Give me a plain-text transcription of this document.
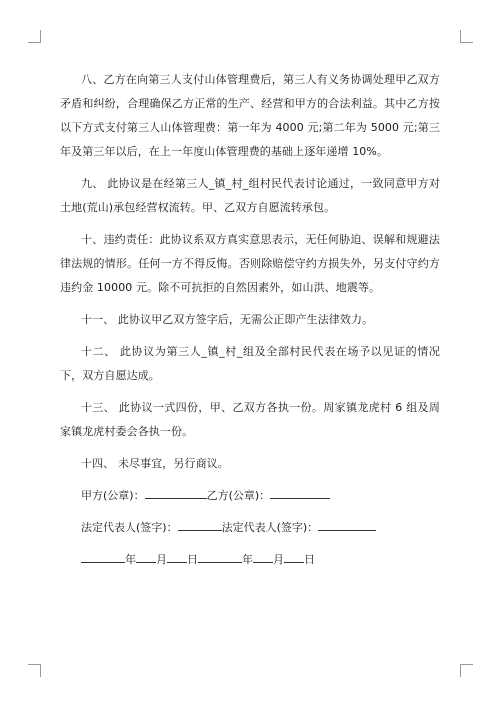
八、乙方在向第三人支付山体管理费后，第三人有义务协调处理甲乙双方矛盾和纠纷，合理确保乙方正常的生产、经营和甲方的合法利益。其中乙方按以下方式支付第三人山体管理费：第一年为 4000 元;第二年为 5000 元;第三年及第三年以后，在上一年度山体管理费的基础上逐年递增 10%。

九、 此协议是在经第三人_镇_村_组村民代表讨论通过，一致同意甲方对土地(荒山)承包经营权流转。甲、乙双方自愿流转承包。

十、违约责任：此协议系双方真实意思表示，无任何胁迫、误解和规避法律法规的情形。任何一方不得反悔。否则除赔偿守约方损失外，另支付守约方违约金 10000 元。除不可抗拒的自然因素外，如山洪、地震等。

十一、 此协议甲乙双方签字后，无需公正即产生法律效力。

十二、 此协议为第三人_镇_村_组及全部村民代表在场予以见证的情况下，双方自愿达成。

十三、 此协议一式四份，甲、乙双方各执一份。周家镇龙虎村 6 组及周家镇龙虎村委会各执一份。

十四、 未尽事宜，另行商议。

甲方(公章)：	乙方(公章)：
法定代表人(签字)：	法定代表人(签字)：
年 月 日	年 月 日
